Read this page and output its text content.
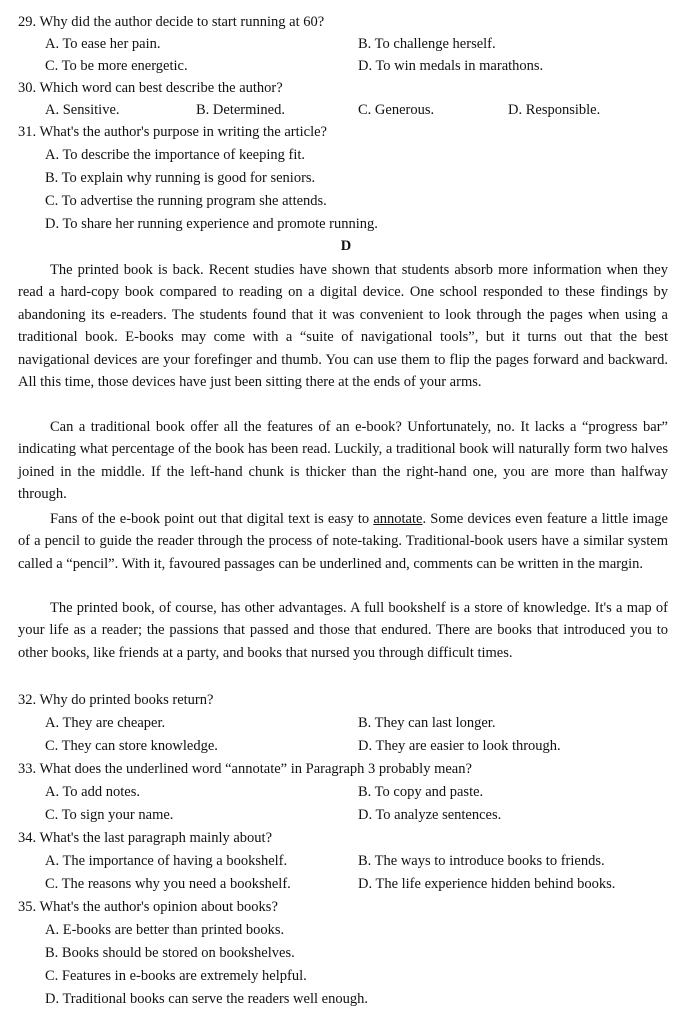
29. Why did the author decide to start running at 60?
A. To ease her pain.	B. To challenge herself.
C. To be more energetic.	D. To win medals in marathons.
30. Which word can best describe the author?
A. Sensitive.	B. Determined.	C. Generous.	D. Responsible.
31. What's the author's purpose in writing the article?
A. To describe the importance of keeping fit.
B. To explain why running is good for seniors.
C. To advertise the running program she attends.
D. To share her running experience and promote running.
D
The printed book is back. Recent studies have shown that students absorb more information when they read a hard-copy book compared to reading on a digital device. One school responded to these findings by abandoning its e-readers. The students found that it was convenient to look through the pages when using a traditional book. E-books may come with a “suite of navigational tools”, but it turns out that the best navigational devices are your forefinger and thumb. You can use them to flip the pages forward and backward. All this time, those devices have just been sitting there at the ends of your arms.
Can a traditional book offer all the features of an e-book? Unfortunately, no. It lacks a “progress bar” indicating what percentage of the book has been read. Luckily, a traditional book will naturally form two halves joined in the middle. If the left-hand chunk is thicker than the right-hand one, you are more than halfway through.
Fans of the e-book point out that digital text is easy to annotate. Some devices even feature a little image of a pencil to guide the reader through the process of note-taking. Traditional-book users have a similar system called a “pencil”. With it, favoured passages can be underlined and, comments can be written in the margin.
The printed book, of course, has other advantages. A full bookshelf is a store of knowledge. It's a map of your life as a reader; the passions that passed and those that endured. There are books that introduced you to other books, like friends at a party, and books that nursed you through difficult times.
32. Why do printed books return?
A. They are cheaper.	B. They can last longer.
C. They can store knowledge.	D. They are easier to look through.
33. What does the underlined word “annotate” in Paragraph 3 probably mean?
A. To add notes.	B. To copy and paste.
C. To sign your name.	D. To analyze sentences.
34. What's the last paragraph mainly about?
A. The importance of having a bookshelf.	B. The ways to introduce books to friends.
C. The reasons why you need a bookshelf.	D. The life experience hidden behind books.
35. What's the author's opinion about books?
A. E-books are better than printed books.
B. Books should be stored on bookshelves.
C. Features in e-books are extremely helpful.
D. Traditional books can serve the readers well enough.
